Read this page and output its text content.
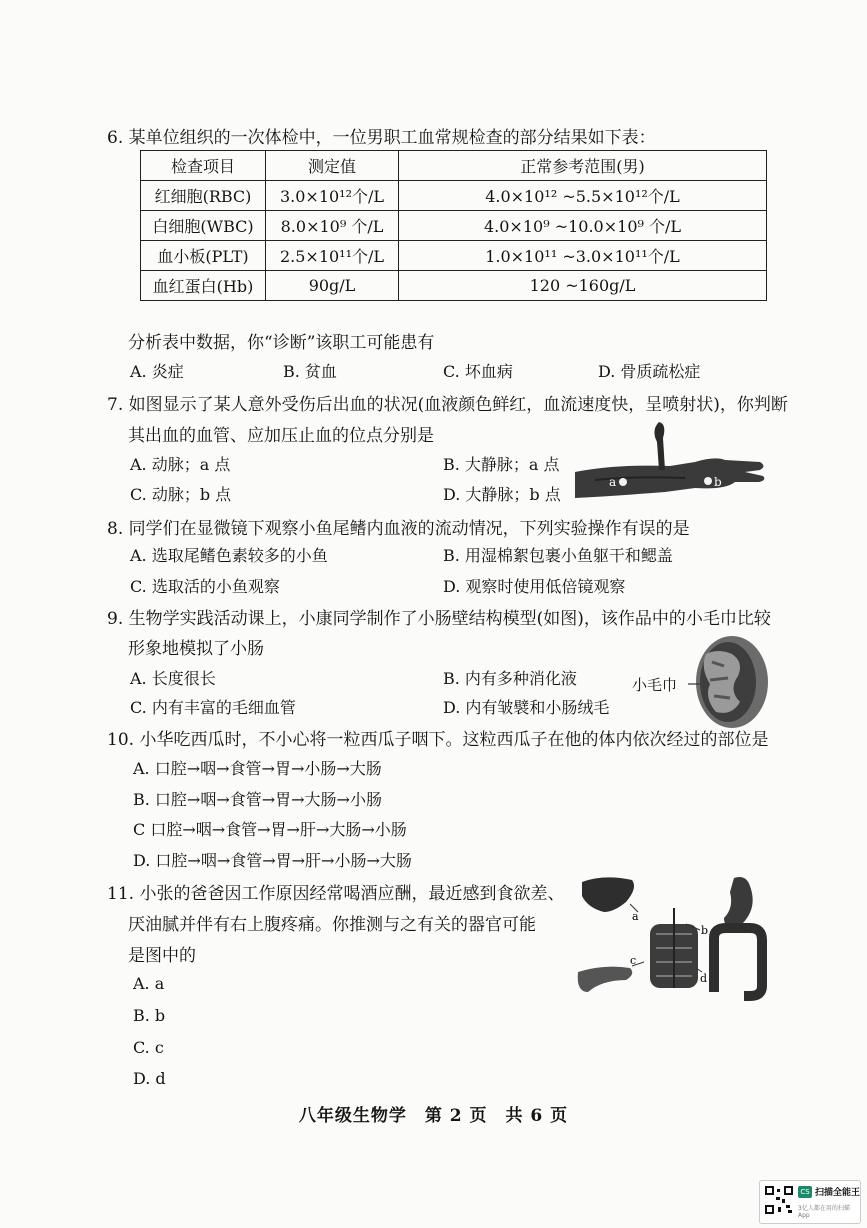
6. 某单位组织的一次体检中，一位男职工血常规检查的部分结果如下表：
检查项目	测定值	正常参考范围(男)
红细胞(RBC)	3.0×10¹²个/L	4.0×10¹² ~5.5×10¹²个/L
白细胞(WBC)	8.0×10⁹ 个/L	4.0×10⁹ ~10.0×10⁹ 个/L
血小板(PLT)	2.5×10¹¹个/L	1.0×10¹¹ ~3.0×10¹¹个/L
血红蛋白(Hb)	90g/L	120 ~160g/L
分析表中数据，你“诊断”该职工可能患有
A. 炎症	B. 贫血	C. 坏血病	D. 骨质疏松症
7. 如图显示了某人意外受伤后出血的状况(血液颜色鲜红，血流速度快，呈喷射状)，你判断
其出血的血管、应加压止血的位点分别是
A. 动脉；a 点	B. 大静脉；a 点
C. 动脉；b 点	D. 大静脉；b 点
a	b
8. 同学们在显微镜下观察小鱼尾鳍内血液的流动情况，下列实验操作有误的是
A. 选取尾鳍色素较多的小鱼	B. 用湿棉絮包裹小鱼躯干和鳃盖
C. 选取活的小鱼观察	D. 观察时使用低倍镜观察
9. 生物学实践活动课上，小康同学制作了小肠壁结构模型(如图)，该作品中的小毛巾比较
形象地模拟了小肠
A. 长度很长	B. 内有多种消化液
C. 内有丰富的毛细血管	D. 内有皱襞和小肠绒毛
小毛巾
10. 小华吃西瓜时，不小心将一粒西瓜子咽下。这粒西瓜子在他的体内依次经过的部位是
A. 口腔→咽→食管→胃→小肠→大肠
B. 口腔→咽→食管→胃→大肠→小肠
C 口腔→咽→食管→胃→肝→大肠→小肠
D. 口腔→咽→食管→胃→肝→小肠→大肠
11. 小张的爸爸因工作原因经常喝酒应酬，最近感到食欲差、
厌油腻并伴有右上腹疼痛。你推测与之有关的器官可能
是图中的
A. a
B. b
C. c
D. d
a
b
d
c
八年级生物学　第 2 页　共 6 页
CS 扫描全能王
3亿人都在用的扫描App
